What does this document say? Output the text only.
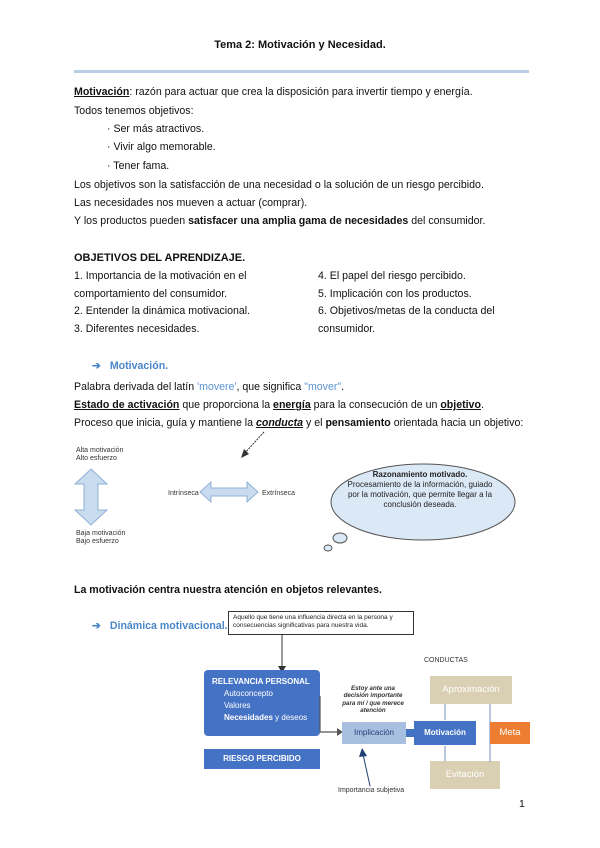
Tema 2: Motivación y Necesidad.
Motivación: razón para actuar que crea la disposición para invertir tiempo y energía.
Todos tenemos objetivos:
· Ser más atractivos.
· Vivir algo memorable.
· Tener fama.
Los objetivos son la satisfacción de una necesidad o la solución de un riesgo percibido.
Las necesidades nos mueven a actuar (comprar).
Y los productos pueden satisfacer una amplia gama de necesidades del consumidor.
OBJETIVOS DEL APRENDIZAJE.
1. Importancia de la motivación en el
comportamiento del consumidor.
2. Entender la dinámica motivacional.
3. Diferentes necesidades.
4. El papel del riesgo percibido.
5. Implicación con los productos.
6. Objetivos/metas de la conducta del
consumidor.
➔ Motivación.
Palabra derivada del latín 'movere', que significa "mover".
Estado de activación que proporciona la energía para la consecución de un objetivo.
Proceso que inicia, guía y mantiene la conducta y el pensamiento orientada hacia un objetivo:
Alta motivación
Alto esfuerzo
Baja motivación
Bajo esfuerzo
Intrínseca	Extrínseca
Razonamiento motivado.
Procesamiento de la información, guiado por la motivación, que permite llegar a la conclusión deseada.
La motivación centra nuestra atención en objetos relevantes.
➔ Dinámica motivacional.
Aquello que tiene una influencia directa en la persona y consecuencias significativas para nuestra vida.
RELEVANCIA PERSONAL
Autoconcepto
Valores
Necesidades y deseos
RIESGO PERCIBIDO
Estoy ante una decisión importante para mí / que merece atención
Implicación	Motivación
CONDUCTAS
Aproximación
Evitación
Meta
Importancia subjetiva
1
